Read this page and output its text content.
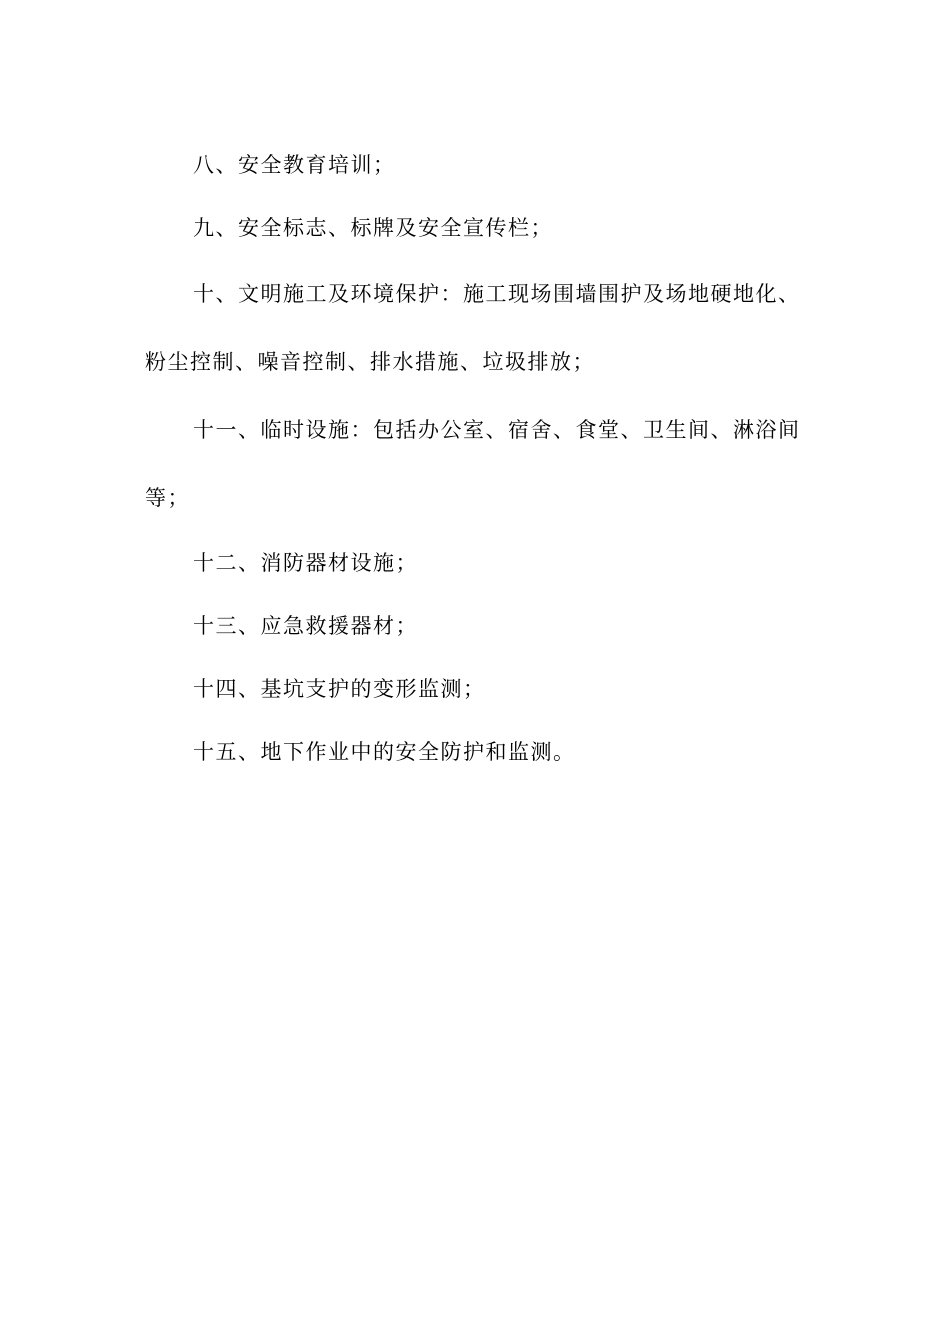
八、安全教育培训；

九、安全标志、标牌及安全宣传栏；

十、文明施工及环境保护：施工现场围墙围护及场地硬地化、粉尘控制、噪音控制、排水措施、垃圾排放；

十一、临时设施：包括办公室、宿舍、食堂、卫生间、淋浴间等；

十二、消防器材设施；

十三、应急救援器材；

十四、基坑支护的变形监测；

十五、地下作业中的安全防护和监测。
